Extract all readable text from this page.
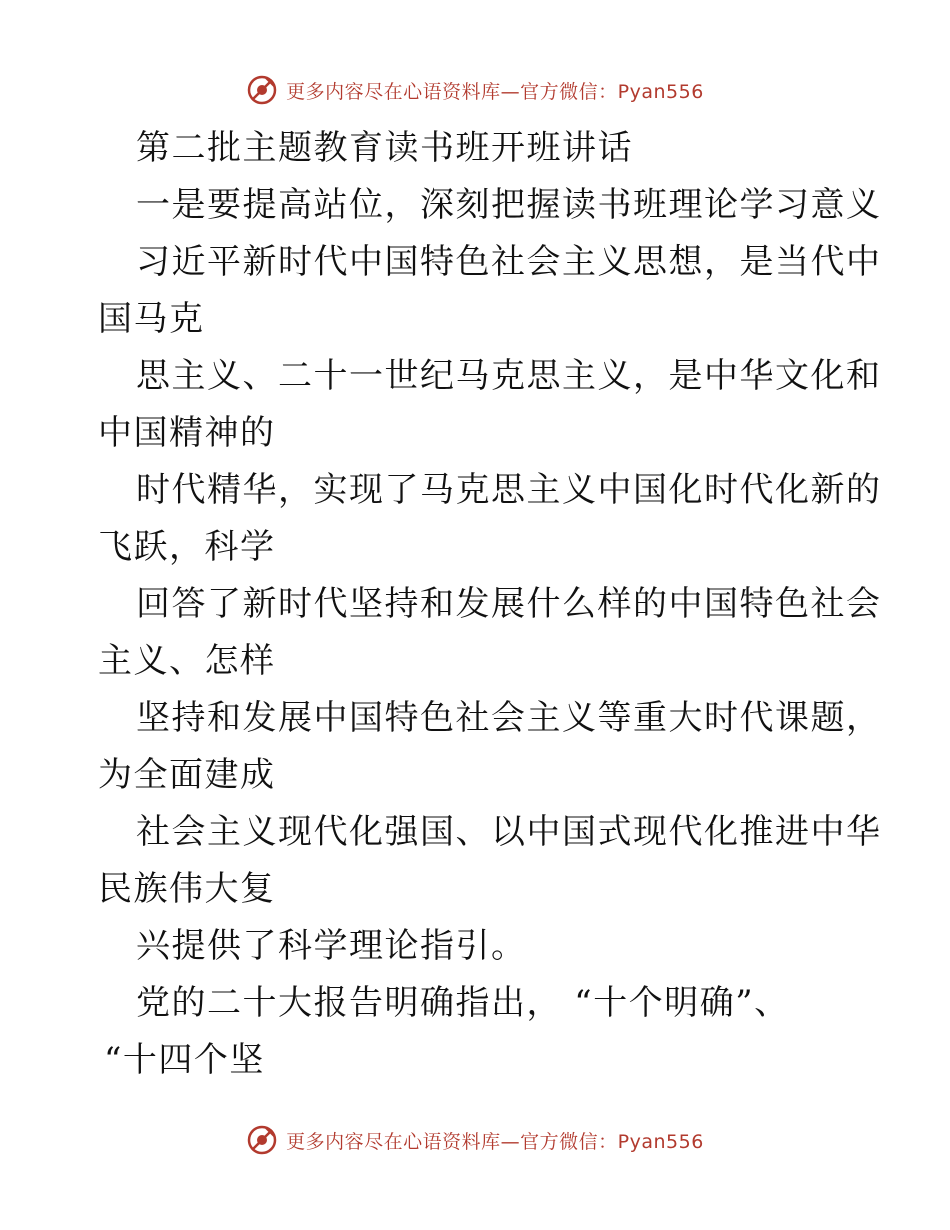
更多内容尽在心语资料库—官方微信：Pyan556
第二批主题教育读书班开班讲话
一是要提高站位，深刻把握读书班理论学习意义
习近平新时代中国特色社会主义思想，是当代中
国马克
思主义、二十一世纪马克思主义，是中华文化和
中国精神的
时代精华，实现了马克思主义中国化时代化新的
飞跃，科学
回答了新时代坚持和发展什么样的中国特色社会
主义、怎样
坚持和发展中国特色社会主义等重大时代课题，
为全面建成
社会主义现代化强国、以中国式现代化推进中华
民族伟大复
兴提供了科学理论指引。
党的二十大报告明确指出， “十个明确”、
“十四个坚
更多内容尽在心语资料库—官方微信：Pyan556
